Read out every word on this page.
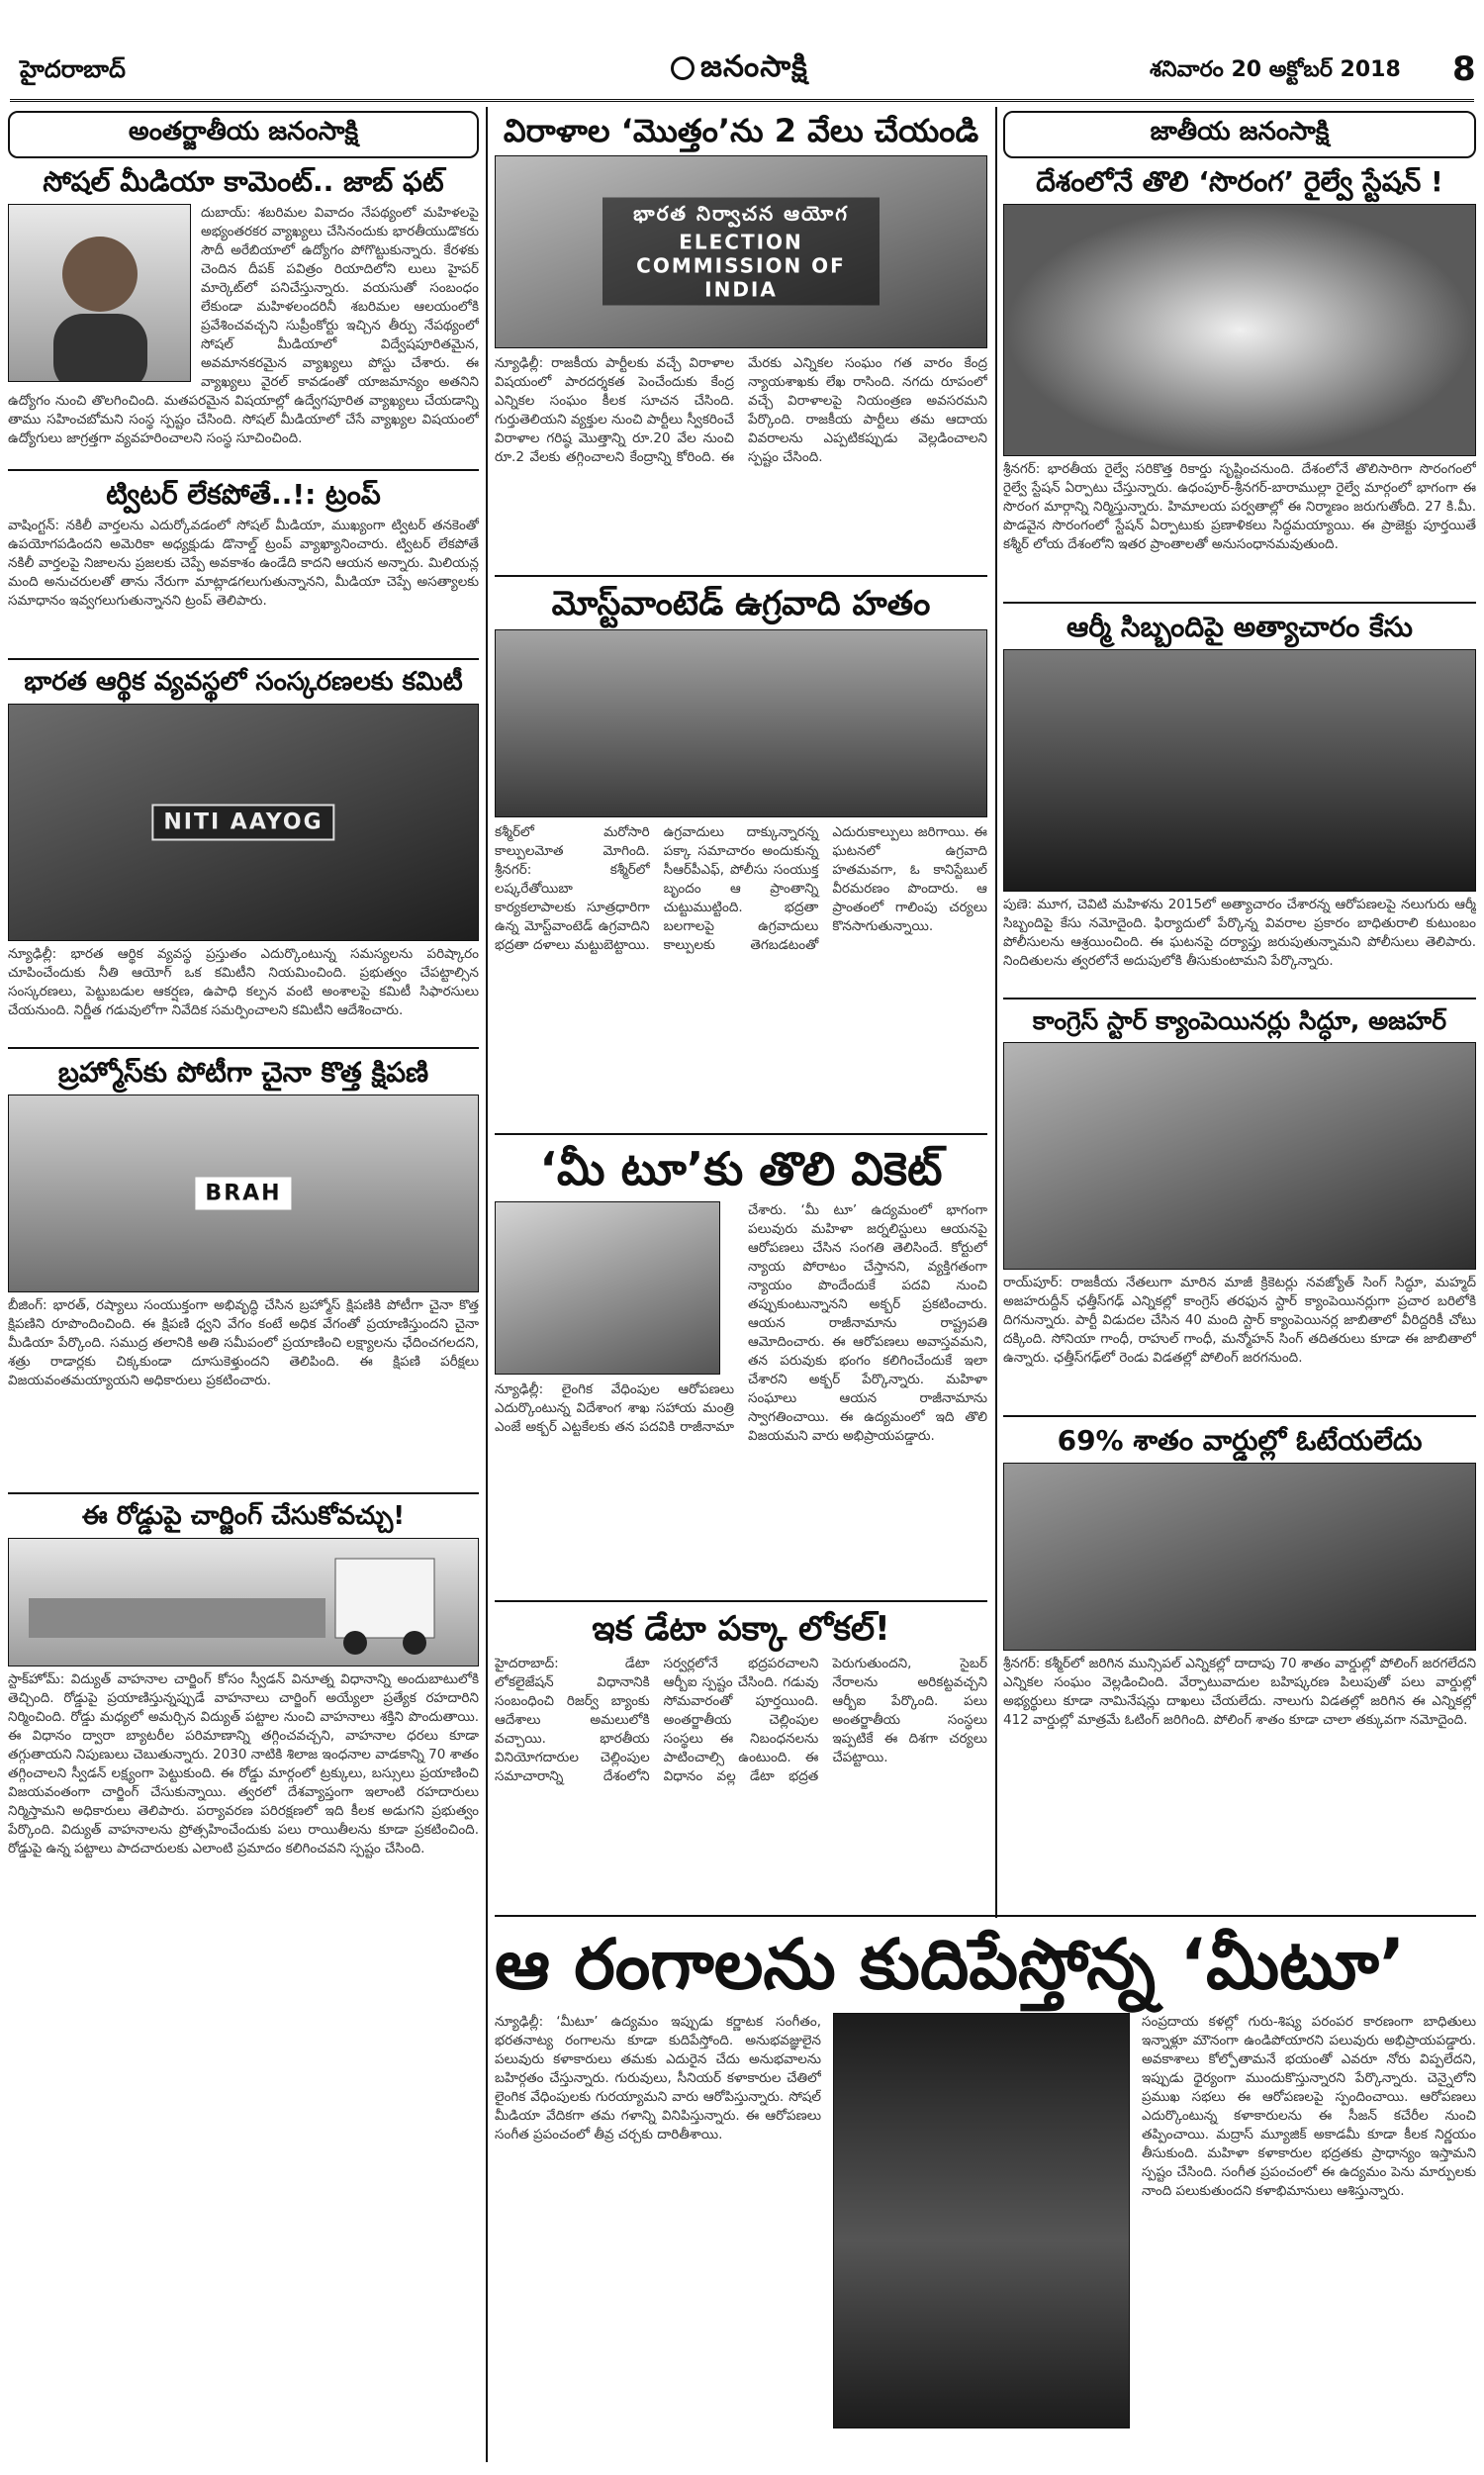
హైదరాబాద్	జనంసాక్షి	శనివారం 20 అక్టోబర్ 2018 8
అంతర్జాతీయ జనంసాక్షి
సోషల్ మీడియా కామెంట్.. జాబ్ ఫట్
దుబాయ్‌: శబరిమల వివాదం నేపథ్యంలో మహిళలపై అభ్యంతరకర వ్యాఖ్యలు చేసినందుకు భారతీయుడొకరు సౌదీ అరేబియాలో ఉద్యోగం పోగొట్టుకున్నారు. కేరళకు చెందిన దీపక్‌ పవిత్రం రియాదిలోని లులు హైపర్‌ మార్కెట్‌లో పనిచేస్తున్నారు. వయసుతో సంబంధం లేకుండా మహిళలందరినీ శబరిమల ఆలయంలోకి ప్రవేశించవచ్చని సుప్రీంకోర్టు ఇచ్చిన తీర్పు నేపథ్యంలో సోషల్‌ మీడియాలో విద్వేషపూరితమైన, అవమానకరమైన వ్యాఖ్యలు పోస్టు చేశారు. ఈ వ్యాఖ్యలు వైరల్‌ కావడంతో యాజమాన్యం అతనిని ఉద్యోగం నుంచి తొలగించింది. మతపరమైన విషయాల్లో ఉద్వేగపూరిత వ్యాఖ్యలు చేయడాన్ని తాము సహించబోమని సంస్థ స్పష్టం చేసింది. సోషల్‌ మీడియాలో చేసే వ్యాఖ్యల విషయంలో ఉద్యోగులు జాగ్రత్తగా వ్యవహరించాలని సంస్థ సూచించింది.
ట్విటర్ లేకపోతే..!: ట్రంప్
వాషింగ్టన్‌: నకిలీ వార్తలను ఎదుర్కోవడంలో సోషల్‌ మీడియా, ముఖ్యంగా ట్విటర్‌ తనకెంతో ఉపయోగపడిందని అమెరికా అధ్యక్షుడు డొనాల్డ్‌ ట్రంప్‌ వ్యాఖ్యానించారు. ట్విటర్‌ లేకపోతే నకిలీ వార్తలపై నిజాలను ప్రజలకు చెప్పే అవకాశం ఉండేది కాదని ఆయన అన్నారు. మిలియన్ల మంది అనుచరులతో తాను నేరుగా మాట్లాడగలుగుతున్నానని, మీడియా చెప్పే అసత్యాలకు సమాధానం ఇవ్వగలుగుతున్నానని ట్రంప్‌ తెలిపారు.
భారత ఆర్థిక వ్యవస్థలో సంస్కరణలకు కమిటీ
NITI AAYOG
న్యూఢిల్లీ: భారత ఆర్థిక వ్యవస్థ ప్రస్తుతం ఎదుర్కొంటున్న సమస్యలను పరిష్కారం చూపించేందుకు నీతి ఆయోగ్‌ ఒక కమిటీని నియమించింది. ప్రభుత్వం చేపట్టాల్సిన సంస్కరణలు, పెట్టుబడుల ఆకర్షణ, ఉపాధి కల్పన వంటి అంశాలపై కమిటీ సిఫారసులు చేయనుంది. నిర్ణీత గడువులోగా నివేదిక సమర్పించాలని కమిటీని ఆదేశించారు.
బ్రహ్మోస్‌కు పోటీగా చైనా కొత్త క్షిపణి
BRAH
బీజింగ్‌: భారత్‌, రష్యాలు సంయుక్తంగా అభివృద్ధి చేసిన బ్రహ్మోస్‌ క్షిపణికి పోటీగా చైనా కొత్త క్షిపణిని రూపొందించింది. ఈ క్షిపణి ధ్వని వేగం కంటే అధిక వేగంతో ప్రయాణిస్తుందని చైనా మీడియా పేర్కొంది. సముద్ర తలానికి అతి సమీపంలో ప్రయాణించి లక్ష్యాలను ఛేదించగలదని, శత్రు రాడార్లకు చిక్కకుండా దూసుకెళ్తుందని తెలిపింది. ఈ క్షిపణి పరీక్షలు విజయవంతమయ్యాయని అధికారులు ప్రకటించారు.
ఈ రోడ్డుపై చార్జింగ్ చేసుకోవచ్చు!
స్టాక్‌హోమ్‌: విద్యుత్‌ వాహనాల చార్జింగ్‌ కోసం స్వీడన్‌ వినూత్న విధానాన్ని అందుబాటులోకి తెచ్చింది. రోడ్డుపై ప్రయాణిస్తున్నప్పుడే వాహనాలు చార్జింగ్‌ అయ్యేలా ప్రత్యేక రహదారిని నిర్మించింది. రోడ్డు మధ్యలో అమర్చిన విద్యుత్‌ పట్టాల నుంచి వాహనాలు శక్తిని పొందుతాయి. ఈ విధానం ద్వారా బ్యాటరీల పరిమాణాన్ని తగ్గించవచ్చని, వాహనాల ధరలు కూడా తగ్గుతాయని నిపుణులు చెబుతున్నారు. 2030 నాటికి శిలాజ ఇంధనాల వాడకాన్ని 70 శాతం తగ్గించాలని స్వీడన్‌ లక్ష్యంగా పెట్టుకుంది. ఈ రోడ్డు మార్గంలో ట్రక్కులు, బస్సులు ప్రయాణించి విజయవంతంగా చార్జింగ్‌ చేసుకున్నాయి. త్వరలో దేశవ్యాప్తంగా ఇలాంటి రహదారులు నిర్మిస్తామని అధికారులు తెలిపారు. పర్యావరణ పరిరక్షణలో ఇది కీలక అడుగని ప్రభుత్వం పేర్కొంది. విద్యుత్‌ వాహనాలను ప్రోత్సహించేందుకు పలు రాయితీలను కూడా ప్రకటించింది. రోడ్డుపై ఉన్న పట్టాలు పాదచారులకు ఎలాంటి ప్రమాదం కలిగించవని స్పష్టం చేసింది.
విరాళాల ‘మొత్తం’ను 2 వేలు చేయండి
భారత నిర్వాచన ఆయోగ ELECTION COMMISSION OF INDIA
న్యూఢిల్లీ: రాజకీయ పార్టీలకు వచ్చే విరాళాల విషయంలో పారదర్శకత పెంచేందుకు కేంద్ర ఎన్నికల సంఘం కీలక సూచన చేసింది. గుర్తుతెలియని వ్యక్తుల నుంచి పార్టీలు స్వీకరించే విరాళాల గరిష్ఠ మొత్తాన్ని రూ.20 వేల నుంచి రూ.2 వేలకు తగ్గించాలని కేంద్రాన్ని కోరింది. ఈ మేరకు ఎన్నికల సంఘం గత వారం కేంద్ర న్యాయశాఖకు లేఖ రాసింది. నగదు రూపంలో వచ్చే విరాళాలపై నియంత్రణ అవసరమని పేర్కొంది. రాజకీయ పార్టీలు తమ ఆదాయ వివరాలను ఎప్పటికప్పుడు వెల్లడించాలని స్పష్టం చేసింది.
మోస్ట్‌వాంటెడ్ ఉగ్రవాది హతం
కశ్మీర్‌లో మరోసారి కాల్పులమోత మోగింది. శ్రీనగర్‌: కశ్మీర్‌లో లష్కరేతోయిబా కార్యకలాపాలకు సూత్రధారిగా ఉన్న మోస్ట్‌వాంటెడ్‌ ఉగ్రవాదిని భద్రతా దళాలు మట్టుబెట్టాయి. ఉగ్రవాదులు దాక్కున్నారన్న పక్కా సమాచారం అందుకున్న సీఆర్‌పీఎఫ్‌, పోలీసు సంయుక్త బృందం ఆ ప్రాంతాన్ని చుట్టుముట్టింది. భద్రతా బలగాలపై ఉగ్రవాదులు కాల్పులకు తెగబడటంతో ఎదురుకాల్పులు జరిగాయి. ఈ ఘటనలో ఉగ్రవాది హతమవగా, ఓ కానిస్టేబుల్‌ వీరమరణం పొందారు. ఆ ప్రాంతంలో గాలింపు చర్యలు కొనసాగుతున్నాయి.
‘మీ టూ’కు తొలి వికెట్
న్యూఢిల్లీ: లైంగిక వేధింపుల ఆరోపణలు ఎదుర్కొంటున్న విదేశాంగ శాఖ సహాయ మంత్రి ఎంజే అక్బర్‌ ఎట్టకేలకు తన పదవికి రాజీనామా చేశారు. ‘మీ టూ’ ఉద్యమంలో భాగంగా పలువురు మహిళా జర్నలిస్టులు ఆయనపై ఆరోపణలు చేసిన సంగతి తెలిసిందే. కోర్టులో న్యాయ పోరాటం చేస్తానని, వ్యక్తిగతంగా న్యాయం పొందేందుకే పదవి నుంచి తప్పుకుంటున్నానని అక్బర్‌ ప్రకటించారు. ఆయన రాజీనామాను రాష్ట్రపతి ఆమోదించారు. ఈ ఆరోపణలు అవాస్తవమని, తన పరువుకు భంగం కలిగించేందుకే ఇలా చేశారని అక్బర్‌ పేర్కొన్నారు. మహిళా సంఘాలు ఆయన రాజీనామాను స్వాగతించాయి. ఈ ఉద్యమంలో ఇది తొలి విజయమని వారు అభిప్రాయపడ్డారు.
ఇక డేటా పక్కా లోకల్!
హైదరాబాద్‌: డేటా లోకలైజేషన్‌ విధానానికి సంబంధించి రిజర్వ్‌ బ్యాంకు ఆదేశాలు అమలులోకి వచ్చాయి. భారతీయ వినియోగదారుల చెల్లింపుల సమాచారాన్ని దేశంలోని సర్వర్లలోనే భద్రపరచాలని ఆర్బీఐ స్పష్టం చేసింది. గడువు సోమవారంతో పూర్తయింది. అంతర్జాతీయ చెల్లింపుల సంస్థలు ఈ నిబంధనలను పాటించాల్సి ఉంటుంది. ఈ విధానం వల్ల డేటా భద్రత పెరుగుతుందని, సైబర్‌ నేరాలను అరికట్టవచ్చని ఆర్బీఐ పేర్కొంది. పలు అంతర్జాతీయ సంస్థలు ఇప్పటికే ఈ దిశగా చర్యలు చేపట్టాయి.
జాతీయ జనంసాక్షి
దేశంలోనే తొలి ‘సొరంగ’ రైల్వే స్టేషన్ !
శ్రీనగర్‌: భారతీయ రైల్వే సరికొత్త రికార్డు సృష్టించనుంది. దేశంలోనే తొలిసారిగా సొరంగంలో రైల్వే స్టేషన్‌ ఏర్పాటు చేస్తున్నారు. ఉధంపూర్‌-శ్రీనగర్‌-బారాముల్లా రైల్వే మార్గంలో భాగంగా ఈ సొరంగ మార్గాన్ని నిర్మిస్తున్నారు. హిమాలయ పర్వతాల్లో ఈ నిర్మాణం జరుగుతోంది. 27 కి.మీ. పొడవైన సొరంగంలో స్టేషన్‌ ఏర్పాటుకు ప్రణాళికలు సిద్ధమయ్యాయి. ఈ ప్రాజెక్టు పూర్తయితే కశ్మీర్‌ లోయ దేశంలోని ఇతర ప్రాంతాలతో అనుసంధానమవుతుంది.
ఆర్మీ సిబ్బందిపై అత్యాచారం కేసు
పుణె: మూగ, చెవిటి మహిళను 2015లో అత్యాచారం చేశారన్న ఆరోపణలపై నలుగురు ఆర్మీ సిబ్బందిపై కేసు నమోదైంది. ఫిర్యాదులో పేర్కొన్న వివరాల ప్రకారం బాధితురాలి కుటుంబం పోలీసులను ఆశ్రయించింది. ఈ ఘటనపై దర్యాప్తు జరుపుతున్నామని పోలీసులు తెలిపారు. నిందితులను త్వరలోనే అదుపులోకి తీసుకుంటామని పేర్కొన్నారు.
కాంగ్రెస్ స్టార్ క్యాంపెయినర్లు సిద్ధూ, అజహర్
రాయ్‌పూర్‌: రాజకీయ నేతలుగా మారిన మాజీ క్రికెటర్లు నవజ్యోత్‌ సింగ్‌ సిద్ధూ, మహ్మద్‌ అజహరుద్దీన్‌ ఛత్తీస్‌గఢ్‌ ఎన్నికల్లో కాంగ్రెస్‌ తరఫున స్టార్‌ క్యాంపెయినర్లుగా ప్రచార బరిలోకి దిగనున్నారు. పార్టీ విడుదల చేసిన 40 మంది స్టార్‌ క్యాంపెయినర్ల జాబితాలో వీరిద్దరికీ చోటు దక్కింది. సోనియా గాంధీ, రాహుల్‌ గాంధీ, మన్మోహన్‌ సింగ్‌ తదితరులు కూడా ఈ జాబితాలో ఉన్నారు. ఛత్తీస్‌గఢ్‌లో రెండు విడతల్లో పోలింగ్‌ జరగనుంది.
69% శాతం వార్డుల్లో ఓటేయలేదు
శ్రీనగర్‌: కశ్మీర్‌లో జరిగిన మున్సిపల్‌ ఎన్నికల్లో దాదాపు 70 శాతం వార్డుల్లో పోలింగ్‌ జరగలేదని ఎన్నికల సంఘం వెల్లడించింది. వేర్పాటువాదుల బహిష్కరణ పిలుపుతో పలు వార్డుల్లో అభ్యర్థులు కూడా నామినేషన్లు దాఖలు చేయలేదు. నాలుగు విడతల్లో జరిగిన ఈ ఎన్నికల్లో 412 వార్డుల్లో మాత్రమే ఓటింగ్‌ జరిగింది. పోలింగ్‌ శాతం కూడా చాలా తక్కువగా నమోదైంది.
ఆ రంగాలను కుదిపేస్తోన్న ‘మీటూ’
న్యూఢిల్లీ: ‘మీటూ’ ఉద్యమం ఇప్పుడు కర్ణాటక సంగీతం, భరతనాట్య రంగాలను కూడా కుదిపేస్తోంది. అనుభవజ్ఞులైన పలువురు కళాకారులు తమకు ఎదురైన చేదు అనుభవాలను బహిర్గతం చేస్తున్నారు. గురువులు, సీనియర్‌ కళాకారుల చేతిలో లైంగిక వేధింపులకు గురయ్యామని వారు ఆరోపిస్తున్నారు. సోషల్‌ మీడియా వేదికగా తమ గళాన్ని వినిపిస్తున్నారు. ఈ ఆరోపణలు సంగీత ప్రపంచంలో తీవ్ర చర్చకు దారితీశాయి.
సంప్రదాయ కళల్లో గురు-శిష్య పరంపర కారణంగా బాధితులు ఇన్నాళ్లూ మౌనంగా ఉండిపోయారని పలువురు అభిప్రాయపడ్డారు. అవకాశాలు కోల్పోతామనే భయంతో ఎవరూ నోరు విప్పలేదని, ఇప్పుడు ధైర్యంగా ముందుకొస్తున్నారని పేర్కొన్నారు. చెన్నైలోని ప్రముఖ సభలు ఈ ఆరోపణలపై స్పందించాయి. ఆరోపణలు ఎదుర్కొంటున్న కళాకారులను ఈ సీజన్‌ కచేరీల నుంచి తప్పించాయి. మద్రాస్‌ మ్యూజిక్‌ అకాడమీ కూడా కీలక నిర్ణయం తీసుకుంది. మహిళా కళాకారుల భద్రతకు ప్రాధాన్యం ఇస్తామని స్పష్టం చేసింది. సంగీత ప్రపంచంలో ఈ ఉద్యమం పెను మార్పులకు నాంది పలుకుతుందని కళాభిమానులు ఆశిస్తున్నారు.
